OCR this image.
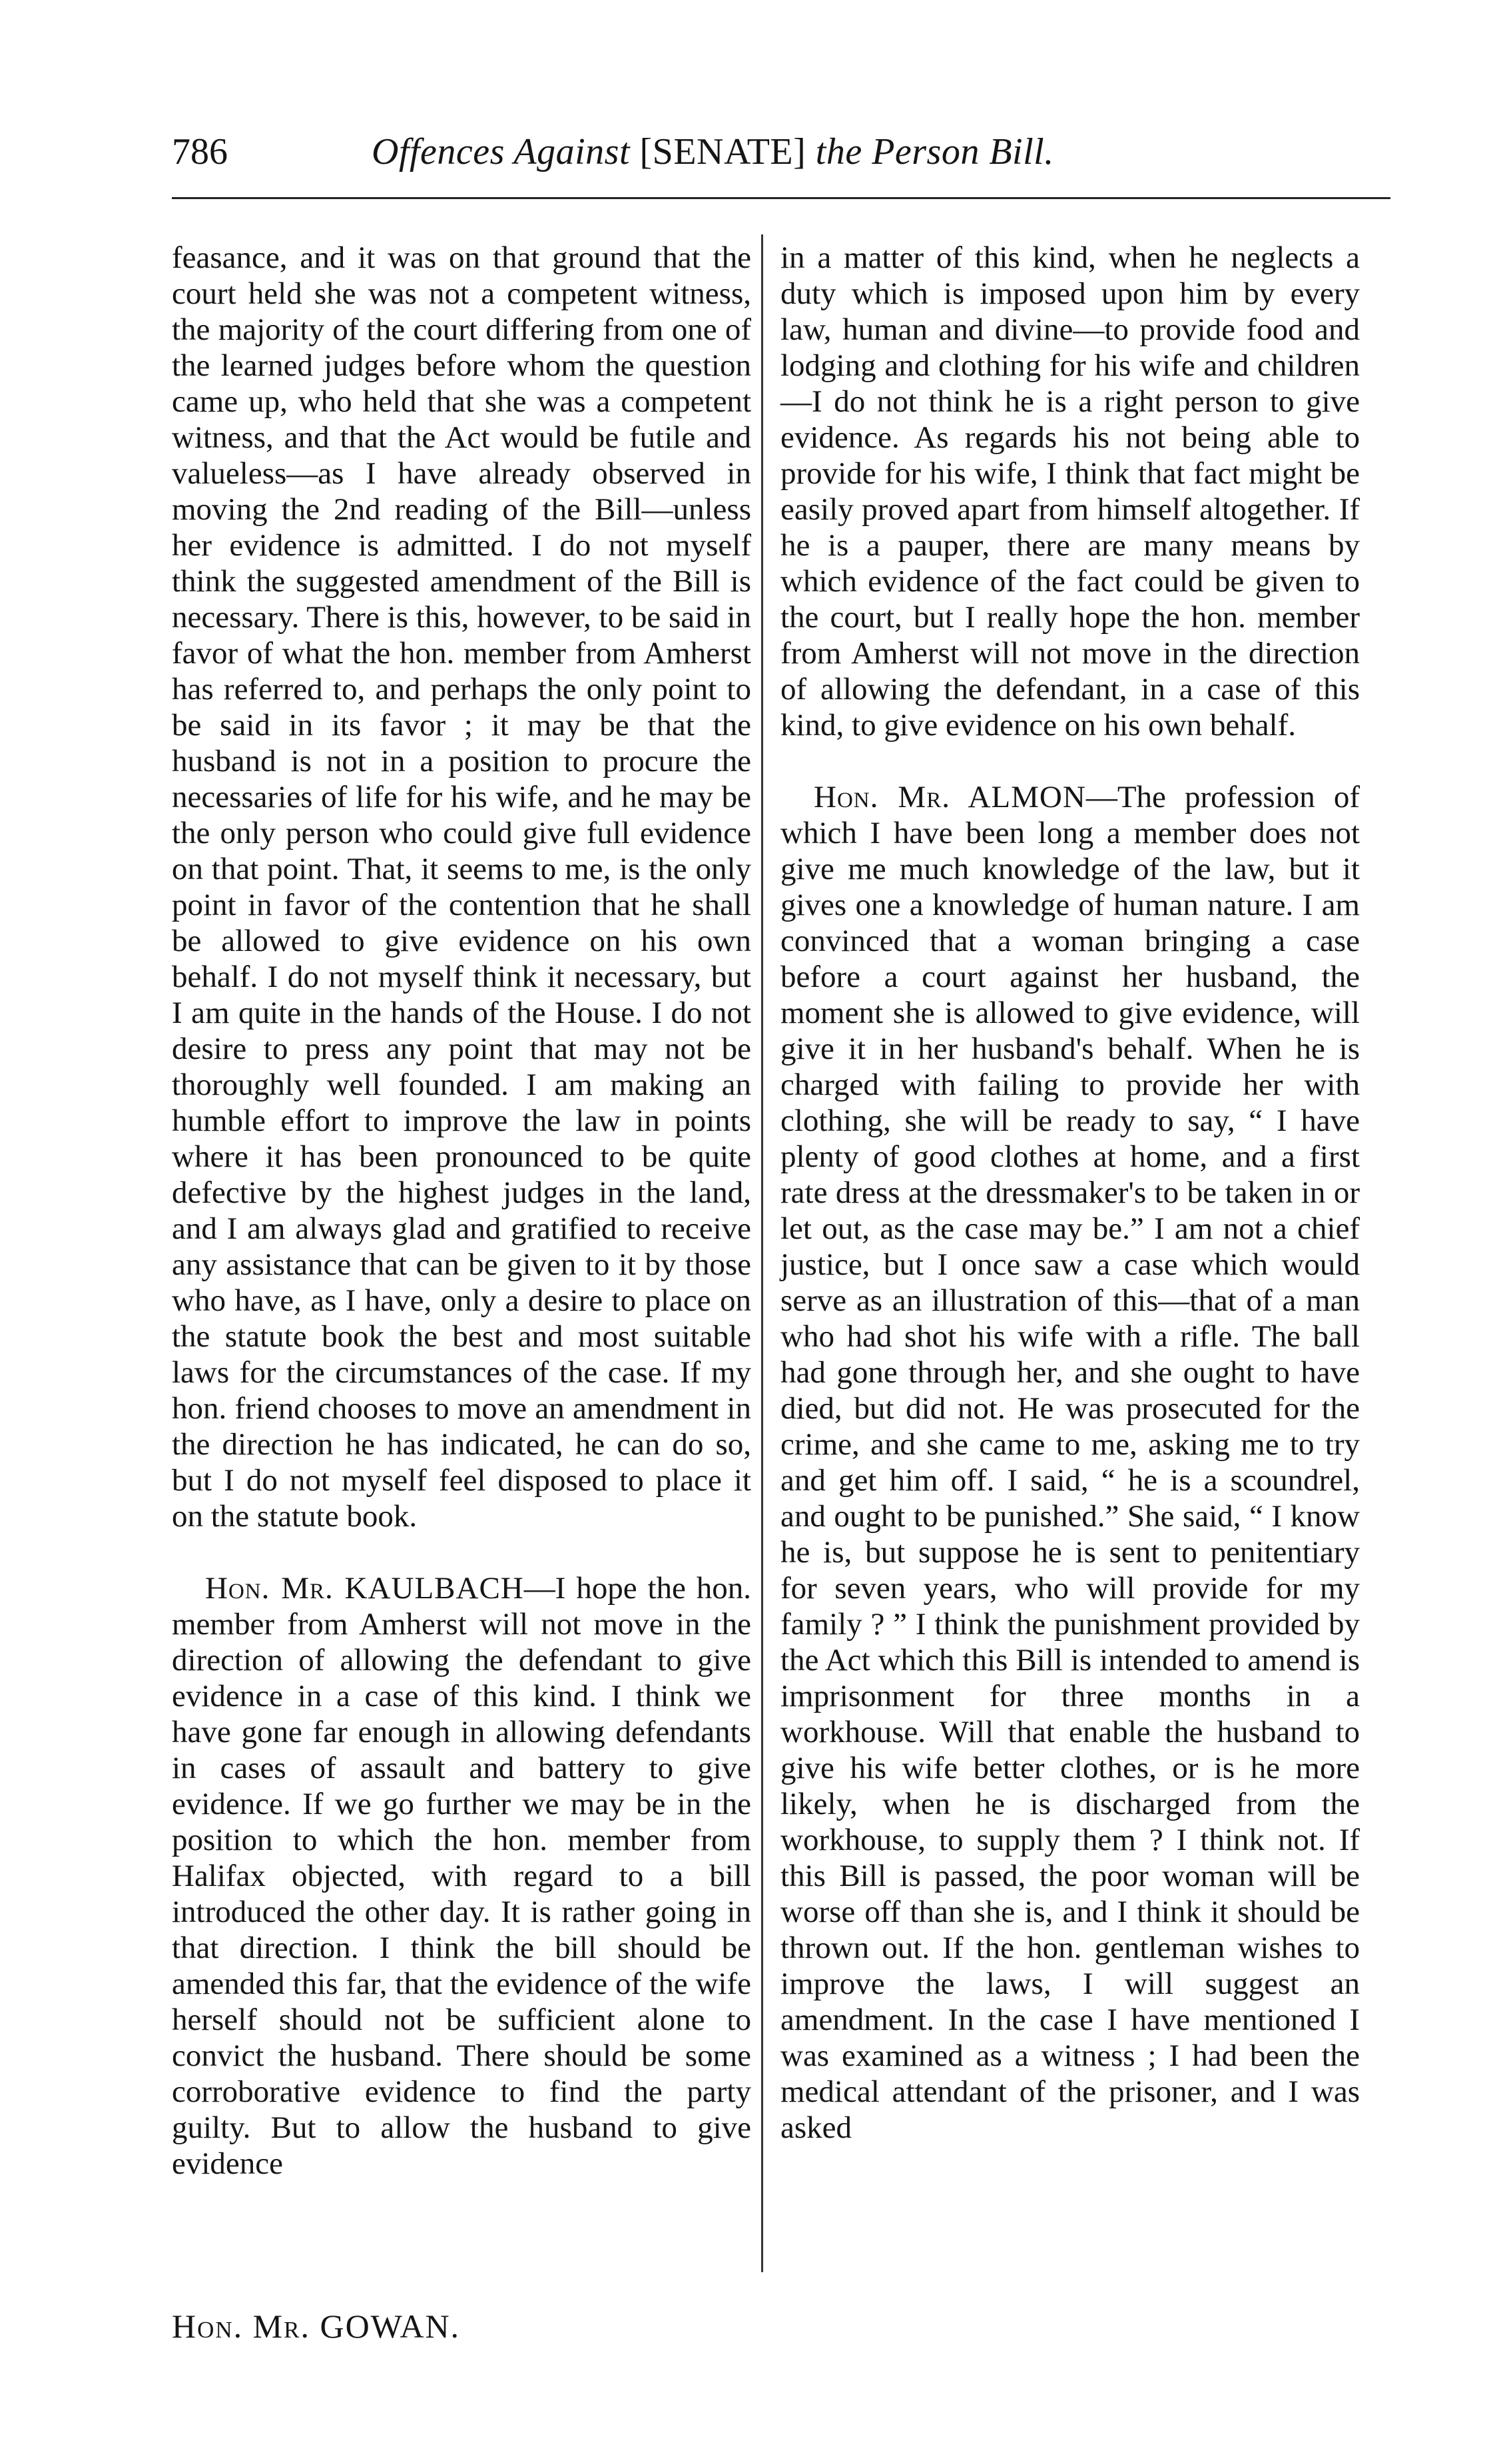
786	Offences Against [SENATE] the Person Bill.

feasance, and it was on that ground that the court held she was not a competent witness, the majority of the court differing from one of the learned judges before whom the question came up, who held that she was a competent witness, and that the Act would be futile and valueless—as I have already observed in moving the 2nd reading of the Bill—unless her evidence is admitted. I do not myself think the suggested amendment of the Bill is necessary. There is this, however, to be said in favor of what the hon. member from Amherst has referred to, and perhaps the only point to be said in its favor ; it may be that the husband is not in a position to procure the necessaries of life for his wife, and he may be the only person who could give full evidence on that point. That, it seems to me, is the only point in favor of the contention that he shall be allowed to give evidence on his own behalf. I do not myself think it necessary, but I am quite in the hands of the House. I do not desire to press any point that may not be thoroughly well founded. I am making an humble effort to improve the law in points where it has been pronounced to be quite defective by the highest judges in the land, and I am always glad and gratified to receive any assistance that can be given to it by those who have, as I have, only a desire to place on the statute book the best and most suitable laws for the circumstances of the case. If my hon. friend chooses to move an amendment in the direction he has indicated, he can do so, but I do not myself feel disposed to place it on the statute book.

Hon. Mr. KAULBACH—I hope the hon. member from Amherst will not move in the direction of allowing the defendant to give evidence in a case of this kind. I think we have gone far enough in allowing defendants in cases of assault and battery to give evidence. If we go further we may be in the position to which the hon. member from Halifax objected, with regard to a bill introduced the other day. It is rather going in that direction. I think the bill should be amended this far, that the evidence of the wife herself should not be sufficient alone to convict the husband. There should be some corroborative evidence to find the party guilty. But to allow the husband to give evidence

in a matter of this kind, when he neglects a duty which is imposed upon him by every law, human and divine—to provide food and lodging and clothing for his wife and children—I do not think he is a right person to give evidence. As regards his not being able to provide for his wife, I think that fact might be easily proved apart from himself altogether. If he is a pauper, there are many means by which evidence of the fact could be given to the court, but I really hope the hon. member from Amherst will not move in the direction of allowing the defendant, in a case of this kind, to give evidence on his own behalf.

Hon. Mr. ALMON—The profession of which I have been long a member does not give me much knowledge of the law, but it gives one a knowledge of human nature. I am convinced that a woman bringing a case before a court against her husband, the moment she is allowed to give evidence, will give it in her husband's behalf. When he is charged with failing to provide her with clothing, she will be ready to say, “ I have plenty of good clothes at home, and a first rate dress at the dressmaker's to be taken in or let out, as the case may be.” I am not a chief justice, but I once saw a case which would serve as an illustration of this—that of a man who had shot his wife with a rifle. The ball had gone through her, and she ought to have died, but did not. He was prosecuted for the crime, and she came to me, asking me to try and get him off. I said, “ he is a scoundrel, and ought to be punished.” She said, “ I know he is, but suppose he is sent to penitentiary for seven years, who will provide for my family ? ” I think the punishment provided by the Act which this Bill is intended to amend is imprisonment for three months in a workhouse. Will that enable the husband to give his wife better clothes, or is he more likely, when he is discharged from the workhouse, to supply them ? I think not. If this Bill is passed, the poor woman will be worse off than she is, and I think it should be thrown out. If the hon. gentleman wishes to improve the laws, I will suggest an amendment. In the case I have mentioned I was examined as a witness ; I had been the medical attendant of the prisoner, and I was asked

Hon. Mr. GOWAN.
